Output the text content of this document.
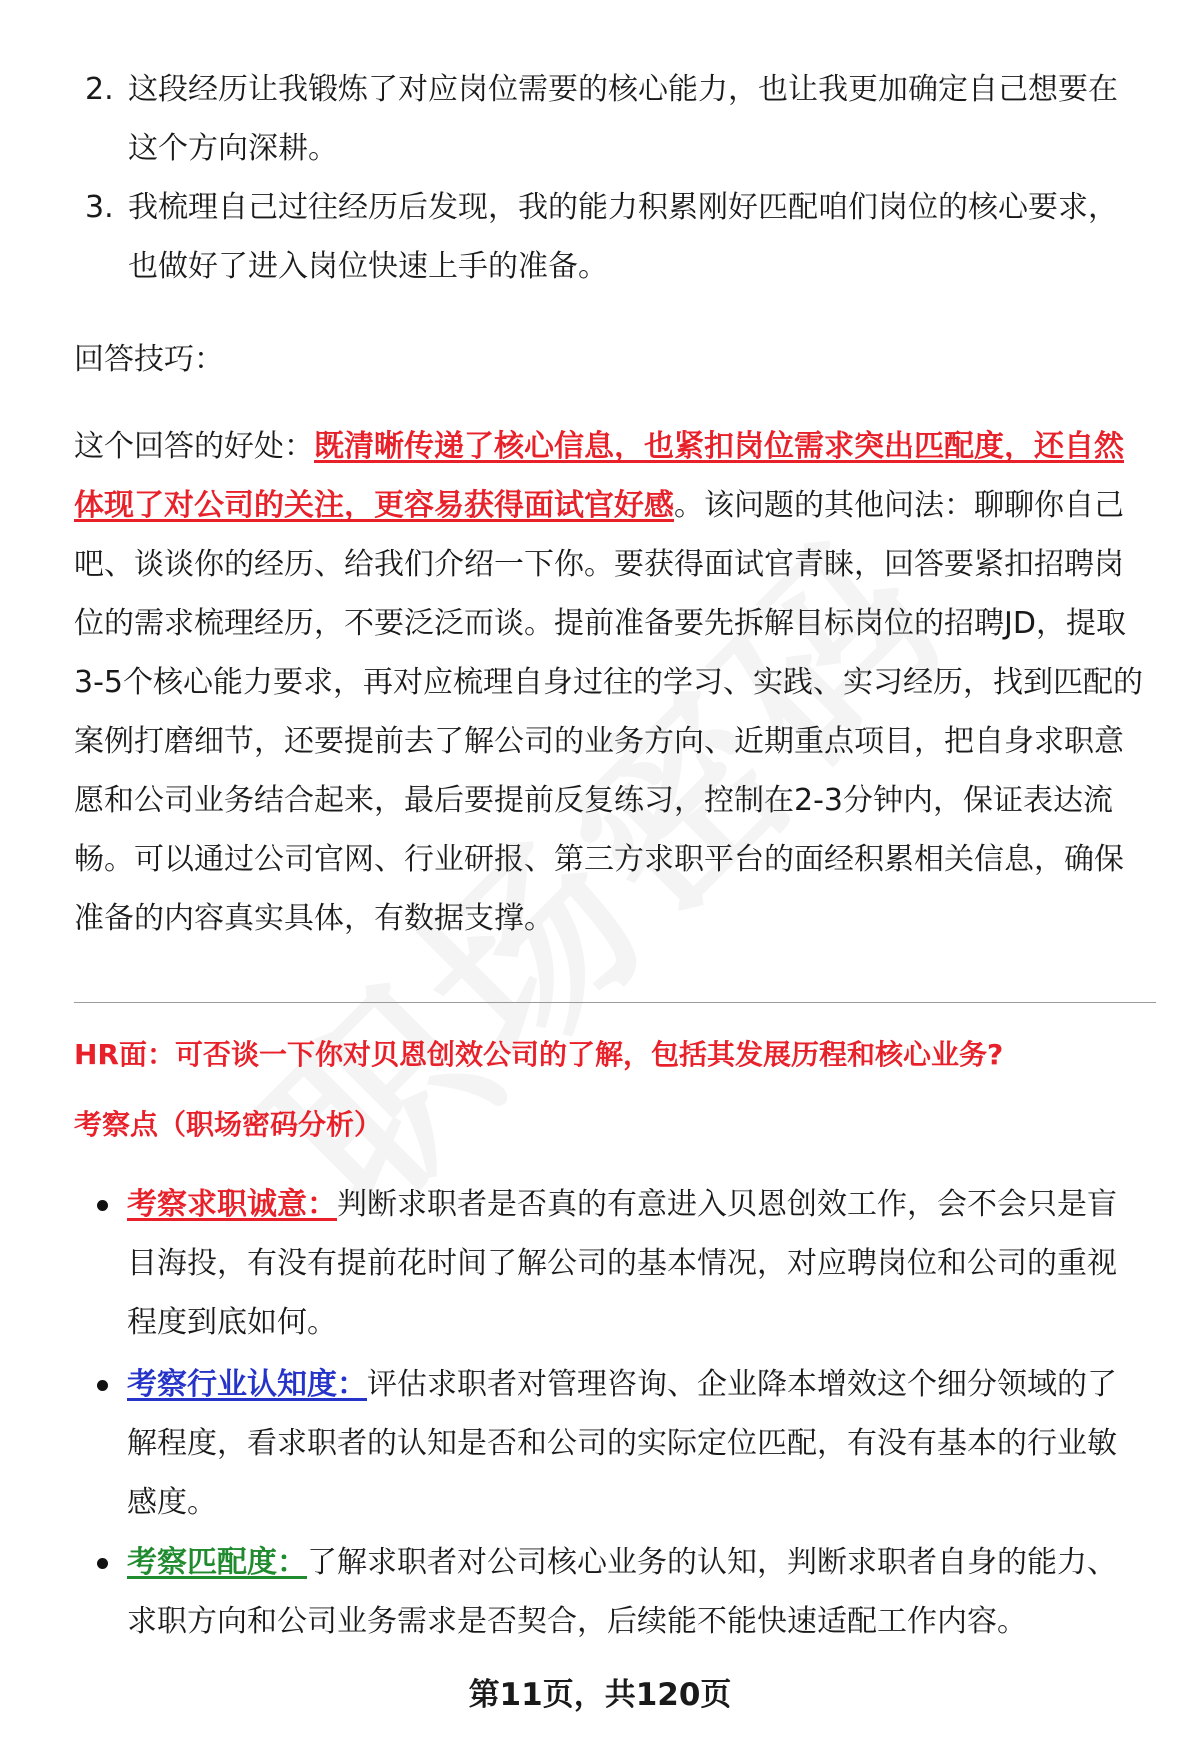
2. 这段经历让我锻炼了对应岗位需要的核心能力，也让我更加确定自己想要在这个方向深耕。
3. 我梳理自己过往经历后发现，我的能力积累刚好匹配咱们岗位的核心要求，也做好了进入岗位快速上手的准备。
回答技巧：
这个回答的好处：既清晰传递了核心信息，也紧扣岗位需求突出匹配度，还自然体现了对公司的关注，更容易获得面试官好感。该问题的其他问法：聊聊你自己吧、谈谈你的经历、给我们介绍一下你。要获得面试官青睐，回答要紧扣招聘岗位的需求梳理经历，不要泛泛而谈。提前准备要先拆解目标岗位的招聘JD，提取3-5个核心能力要求，再对应梳理自身过往的学习、实践、实习经历，找到匹配的案例打磨细节，还要提前去了解公司的业务方向、近期重点项目，把自身求职意愿和公司业务结合起来，最后要提前反复练习，控制在2-3分钟内，保证表达流畅。可以通过公司官网、行业研报、第三方求职平台的面经积累相关信息，确保准备的内容真实具体，有数据支撑。
HR面：可否谈一下你对贝恩创效公司的了解，包括其发展历程和核心业务?
考察点（职场密码分析）
考察求职诚意：判断求职者是否真的有意进入贝恩创效工作，会不会只是盲目海投，有没有提前花时间了解公司的基本情况，对应聘岗位和公司的重视程度到底如何。
考察行业认知度：评估求职者对管理咨询、企业降本增效这个细分领域的了解程度，看求职者的认知是否和公司的实际定位匹配，有没有基本的行业敏感度。
考察匹配度：了解求职者对公司核心业务的认知，判断求职者自身的能力、求职方向和公司业务需求是否契合，后续能不能快速适配工作内容。
第11页，共120页
